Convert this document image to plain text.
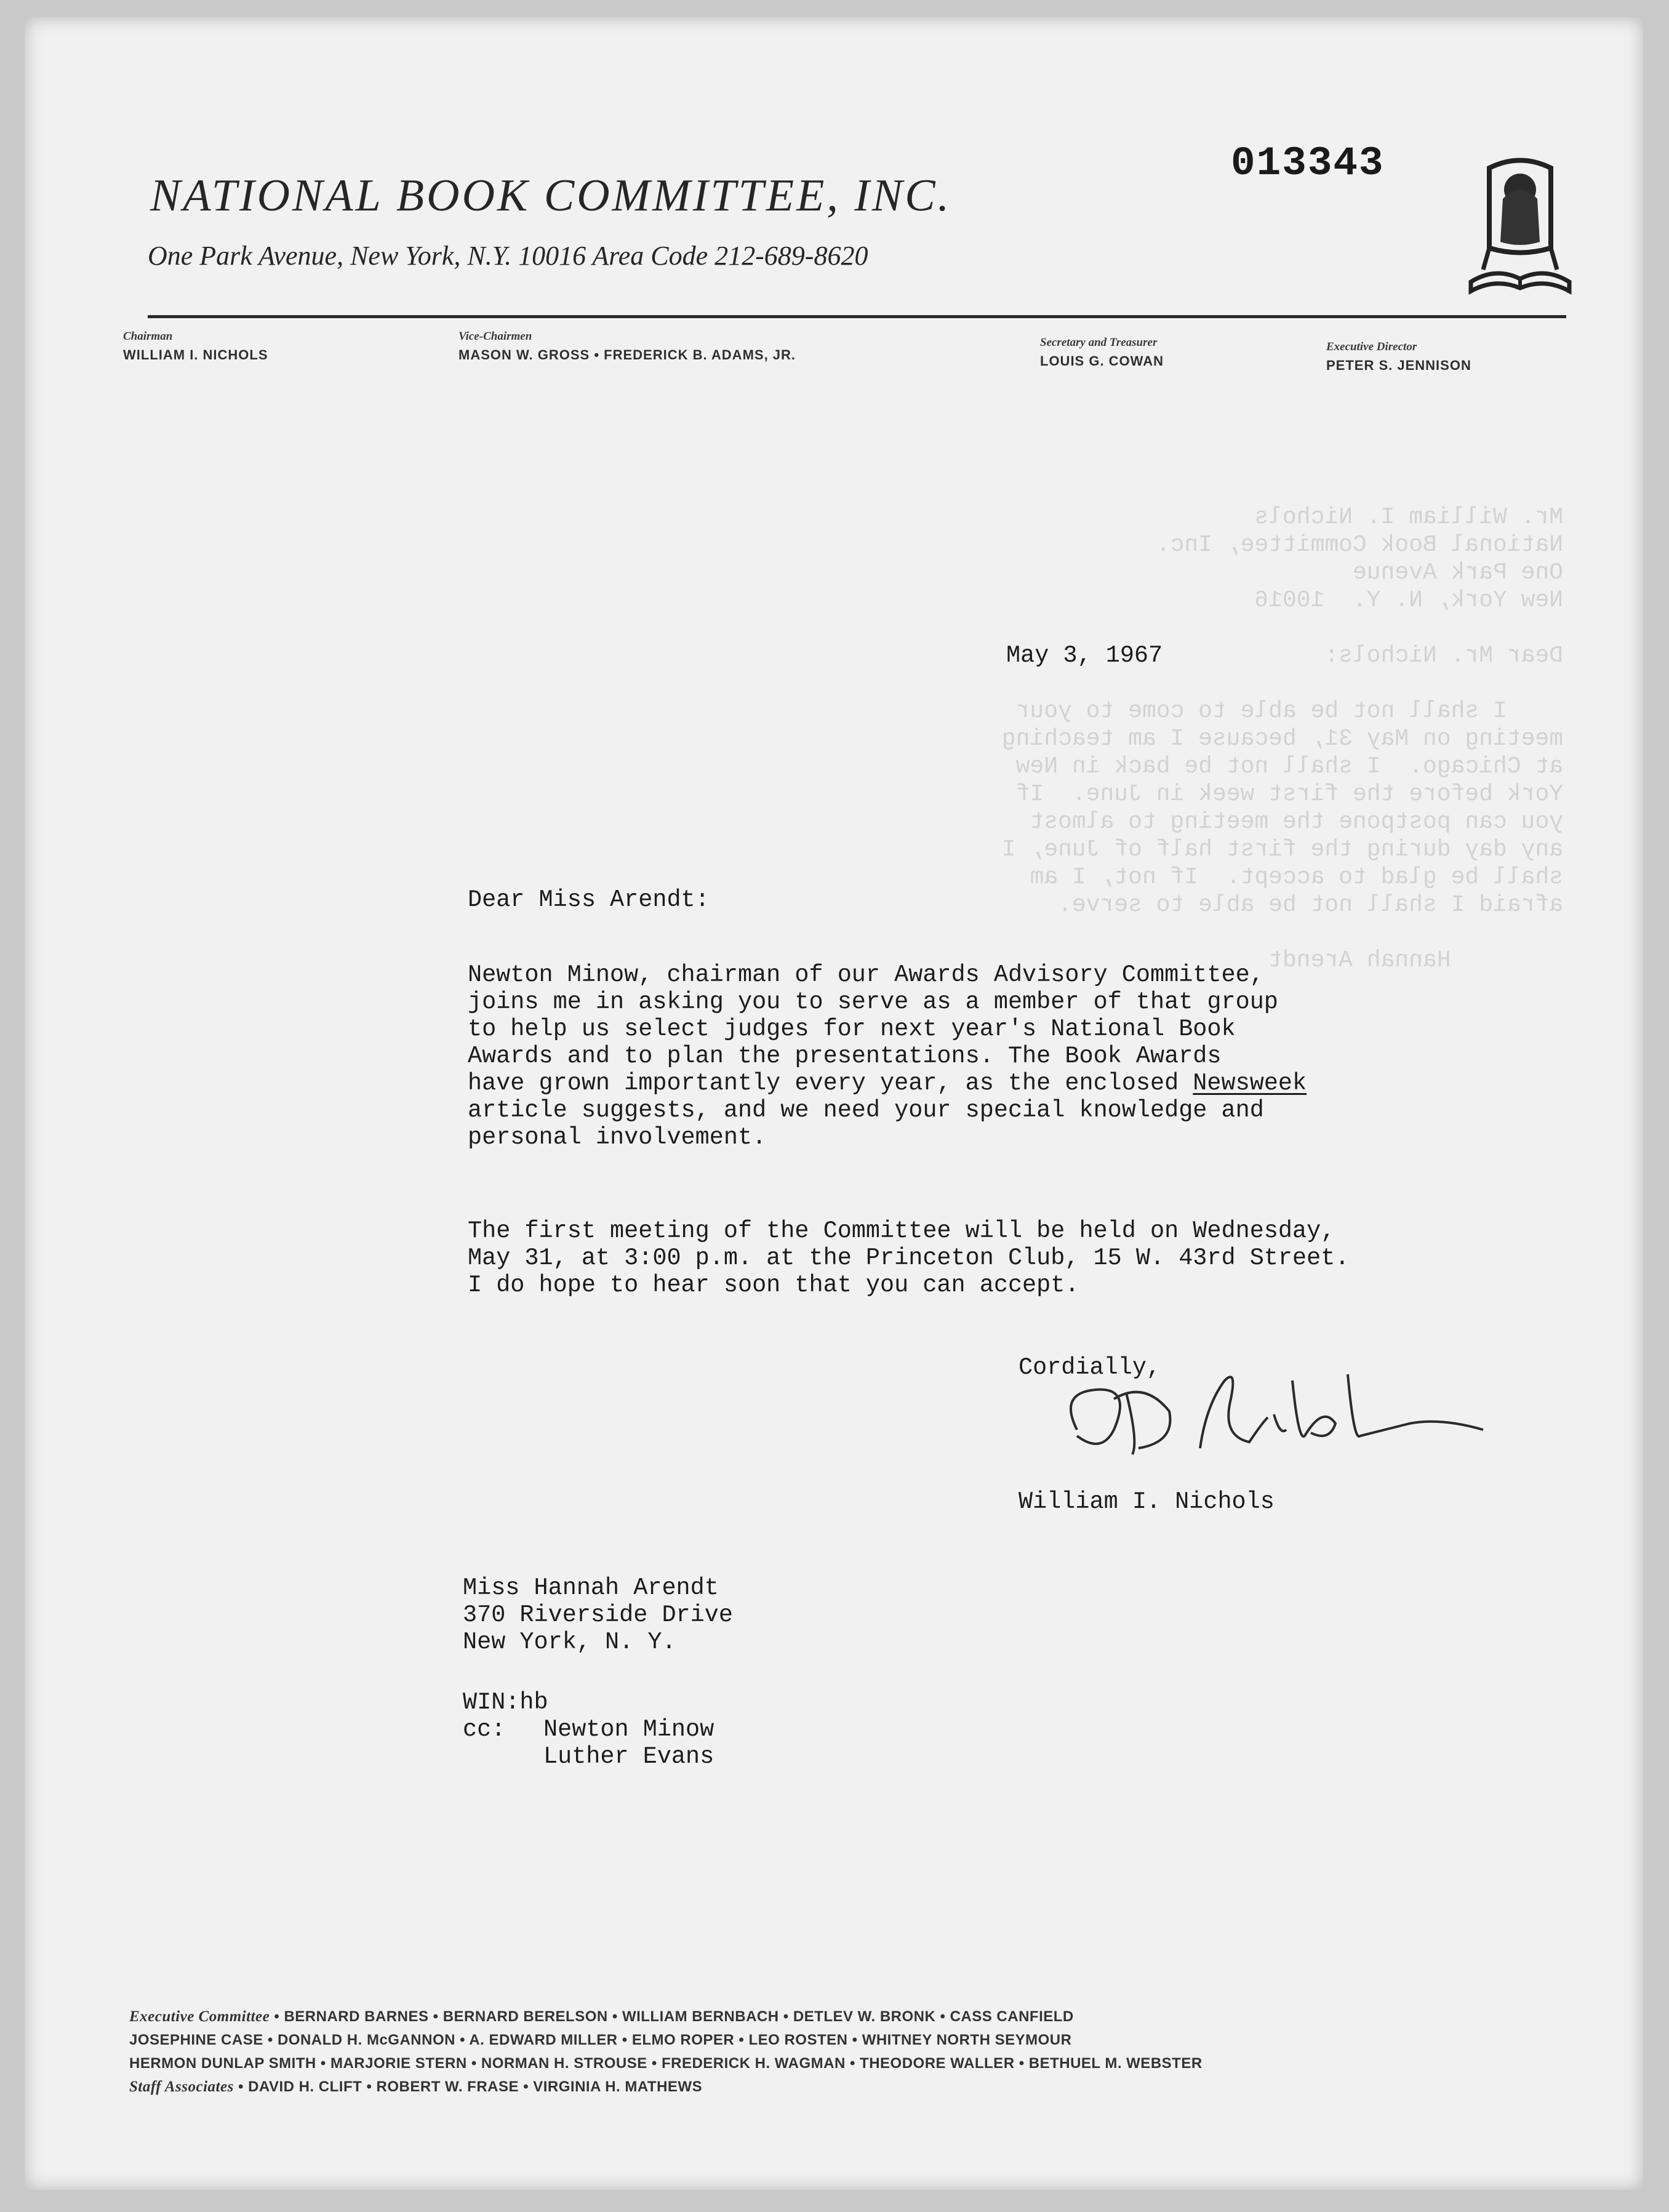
013343
NATIONAL BOOK COMMITTEE, INC.
One Park Avenue, New York, N.Y. 10016 Area Code 212-689-8620
Chairman
WILLIAM I. NICHOLS
Vice-Chairmen
MASON W. GROSS • FREDERICK B. ADAMS, JR.
Secretary and Treasurer
LOUIS G. COWAN
Executive Director
PETER S. JENNISON
Mr. William I. Nichols
National Book Committee, Inc.
One Park Avenue
New York, N. Y.  10016

Dear Mr. Nichols:

I shall not be able to come to your
meeting on May 31, because I am teaching
at Chicago.  I shall not be back in New
York before the first week in June.  If
you can postpone the meeting to almost
any day during the first half of June, I
shall be glad to accept.  If not, I am
afraid I shall not be able to serve.

Hannah Arendt
May 3, 1967
Dear Miss Arendt:
Newton Minow, chairman of our Awards Advisory Committee,
joins me in asking you to serve as a member of that group
to help us select judges for next year's National Book
Awards and to plan the presentations. The Book Awards
have grown importantly every year, as the enclosed Newsweek
article suggests, and we need your special knowledge and
personal involvement.
The first meeting of the Committee will be held on Wednesday,
May 31, at 3:00 p.m. at the Princeton Club, 15 W. 43rd Street.
I do hope to hear soon that you can accept.
Cordially,
William I. Nichols
Miss Hannah Arendt
370 Riverside Drive
New York, N. Y.
WIN:hb
cc: Newton Minow
Luther Evans
Executive Committee • BERNARD BARNES • BERNARD BERELSON • WILLIAM BERNBACH • DETLEV W. BRONK • CASS CANFIELD
JOSEPHINE CASE • DONALD H. McGANNON • A. EDWARD MILLER • ELMO ROPER • LEO ROSTEN • WHITNEY NORTH SEYMOUR
HERMON DUNLAP SMITH • MARJORIE STERN • NORMAN H. STROUSE • FREDERICK H. WAGMAN • THEODORE WALLER • BETHUEL M. WEBSTER
Staff Associates • DAVID H. CLIFT • ROBERT W. FRASE • VIRGINIA H. MATHEWS
